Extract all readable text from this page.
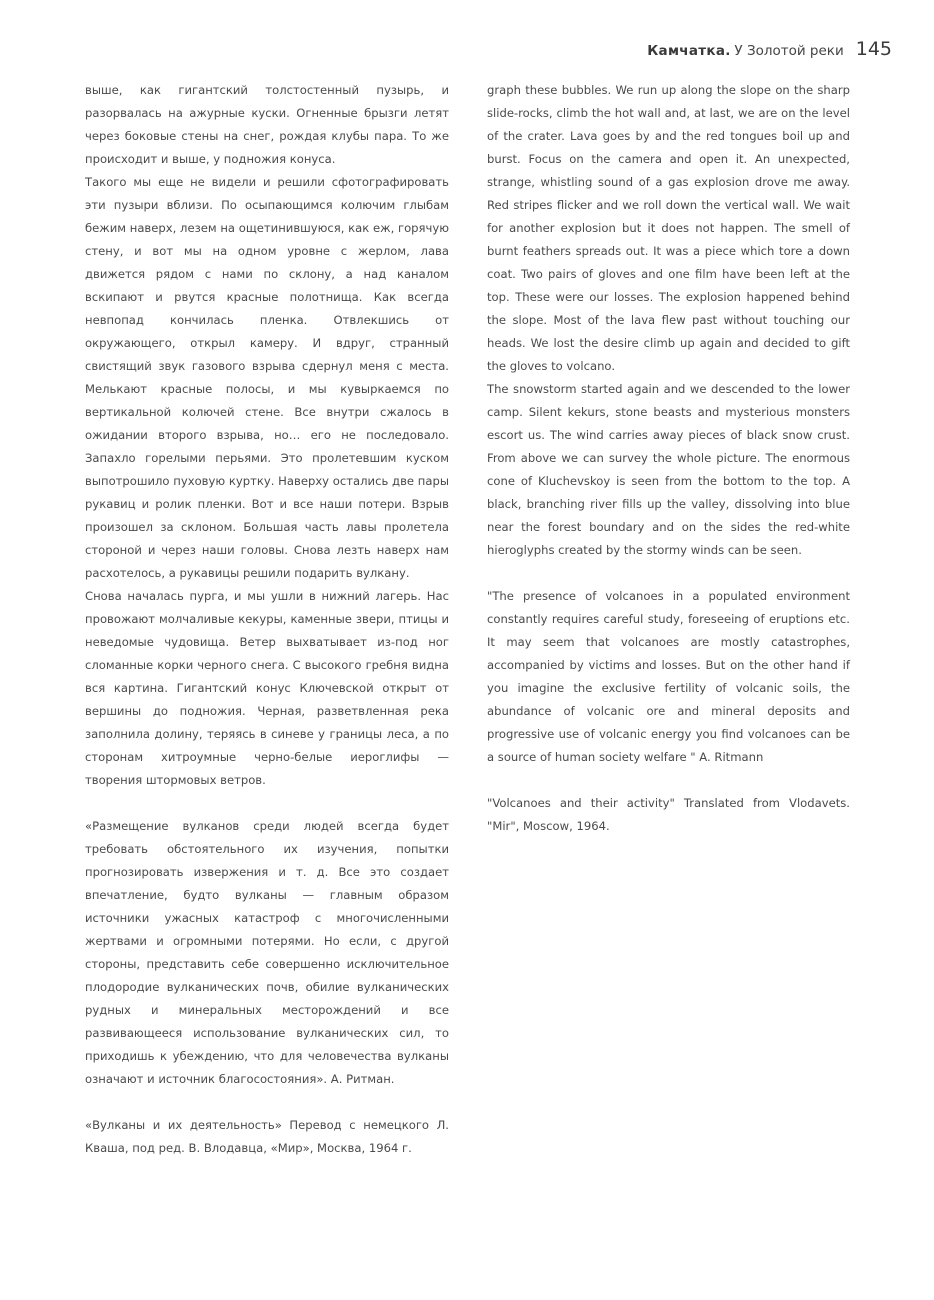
Камчатка . У Золотой реки 145

выше, как гигантский толстостенный пузырь, и разорвалась на ажурные куски. Огненные брызги летят через боковые стены на снег, рождая клубы пара. То же происходит и выше, у подножия конуса.

Такого мы еще не видели и решили сфотографировать эти пузыри вблизи. По осыпающимся колючим глыбам бежим наверх, лезем на ощетинившуюся, как еж, горячую стену, и вот мы на одном уровне с жерлом, лава движется рядом с нами по склону, а над каналом вскипают и рвутся красные полотнища. Как всегда невпопад кончилась пленка. Отвлекшись от окружающего, открыл камеру. И вдруг, странный свистящий звук газового взрыва сдернул меня с места. Мелькают красные полосы, и мы кувыркаемся по вертикальной колючей стене. Все внутри сжалось в ожидании второго взрыва, но… его не последовало. Запахло горелыми перьями. Это пролетевшим куском выпотрошило пуховую куртку. Наверху остались две пары рукавиц и ролик пленки. Вот и все наши потери. Взрыв произошел за склоном. Большая часть лавы пролетела стороной и через наши головы. Снова лезть наверх нам расхотелось, а рукавицы решили подарить вулкану.

Снова началась пурга, и мы ушли в нижний лагерь. Нас провожают молчаливые кекуры, каменные звери, птицы и неведомые чудовища. Ветер выхватывает из-под ног сломанные корки черного снега. С высокого гребня видна вся картина. Гигантский конус Ключевской открыт от вершины до подножия. Черная, разветвленная река заполнила долину, теряясь в синеве у границы леса, а по сторонам хитроумные черно-белые иероглифы — творения штормовых ветров.

«Размещение вулканов среди людей всегда будет требовать обстоятельного их изучения, попытки прогнозировать извержения и т. д. Все это создает впечатление, будто вулканы — главным образом источники ужасных катастроф с многочисленными жертвами и огромными потерями. Но если, с другой стороны, представить себе совершенно исключительное плодородие вулканических почв, обилие вулканических рудных и минеральных месторождений и все развивающееся использование вулканических сил, то приходишь к убеждению, что для человечества вулканы означают и источник благосостояния». А. Ритман.

«Вулканы и их деятельность» Перевод с немецкого Л. Кваша, под ред. В. Влодавца, «Мир», Москва, 1964 г.

graph these bubbles. We run up along the slope on the sharp slide-rocks, climb the hot wall and, at last, we are on the level of the crater. Lava goes by and the red tongues boil up and burst. Focus on the camera and open it. An unexpected, strange, whistling sound of a gas explosion drove me away. Red stripes flicker and we roll down the vertical wall. We wait for another explosion but it does not happen. The smell of burnt feathers spreads out. It was a piece which tore a down coat. Two pairs of gloves and one film have been left at the top. These were our losses. The explosion happened behind the slope. Most of the lava flew past without touching our heads. We lost the desire climb up again and decided to gift the gloves to volcano.

The snowstorm started again and we descended to the lower camp. Silent kekurs, stone beasts and mysterious monsters escort us. The wind carries away pieces of black snow crust. From above we can survey the whole picture. The enormous cone of Kluchevskoy is seen from the bottom to the top. A black, branching river fills up the valley, dissolving into blue near the forest boundary and on the sides the red-white hieroglyphs created by the stormy winds can be seen.

"The presence of volcanoes in a populated environment constantly requires careful study, foreseeing of eruptions etc. It may seem that volcanoes are mostly catastrophes, accompanied by victims and losses. But on the other hand if you imagine the exclusive fertility of volcanic soils, the abundance of volcanic ore and mineral deposits and progressive use of volcanic energy you find volcanoes can be a source of human society welfare " A. Ritmann

"Volcanoes and their activity" Translated from Vlodavets. "Mir", Moscow, 1964.
